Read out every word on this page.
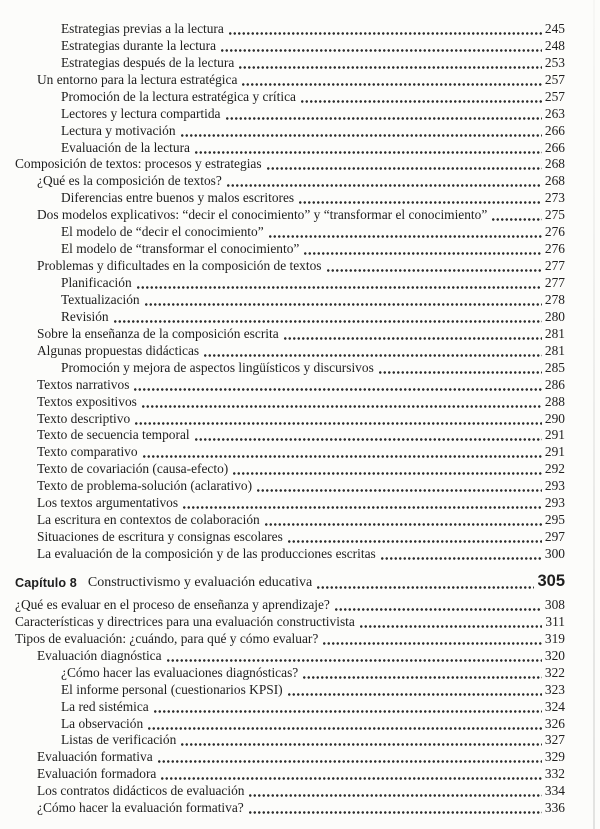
Estrategias previas a la lectura	245
Estrategias durante la lectura	248
Estrategias después de la lectura	253
Un entorno para la lectura estratégica	257
Promoción de la lectura estratégica y crítica	257
Lectores y lectura compartida	263
Lectura y motivación	266
Evaluación de la lectura	266
Composición de textos: procesos y estrategias	268
¿Qué es la composición de textos?	268
Diferencias entre buenos y malos escritores	273
Dos modelos explicativos: “decir el conocimiento” y “transformar el conocimiento”	275
El modelo de “decir el conocimiento”	276
El modelo de “transformar el conocimiento”	276
Problemas y dificultades en la composición de textos	277
Planificación	277
Textualización	278
Revisión	280
Sobre la enseñanza de la composición escrita	281
Algunas propuestas didácticas	281
Promoción y mejora de aspectos lingüísticos y discursivos	285
Textos narrativos	286
Textos expositivos	288
Texto descriptivo	290
Texto de secuencia temporal	291
Texto comparativo	291
Texto de covariación (causa-efecto)	292
Texto de problema-solución (aclarativo)	293
Los textos argumentativos	293
La escritura en contextos de colaboración	295
Situaciones de escritura y consignas escolares	297
La evaluación de la composición y de las producciones escritas	300
Capítulo 8 Constructivismo y evaluación educativa	305
¿Qué es evaluar en el proceso de enseñanza y aprendizaje?	308
Características y directrices para una evaluación constructivista	311
Tipos de evaluación: ¿cuándo, para qué y cómo evaluar?	319
Evaluación diagnóstica	320
¿Cómo hacer las evaluaciones diagnósticas?	322
El informe personal (cuestionarios KPSI)	323
La red sistémica	324
La observación	326
Listas de verificación	327
Evaluación formativa	329
Evaluación formadora	332
Los contratos didácticos de evaluación	334
¿Cómo hacer la evaluación formativa?	336
